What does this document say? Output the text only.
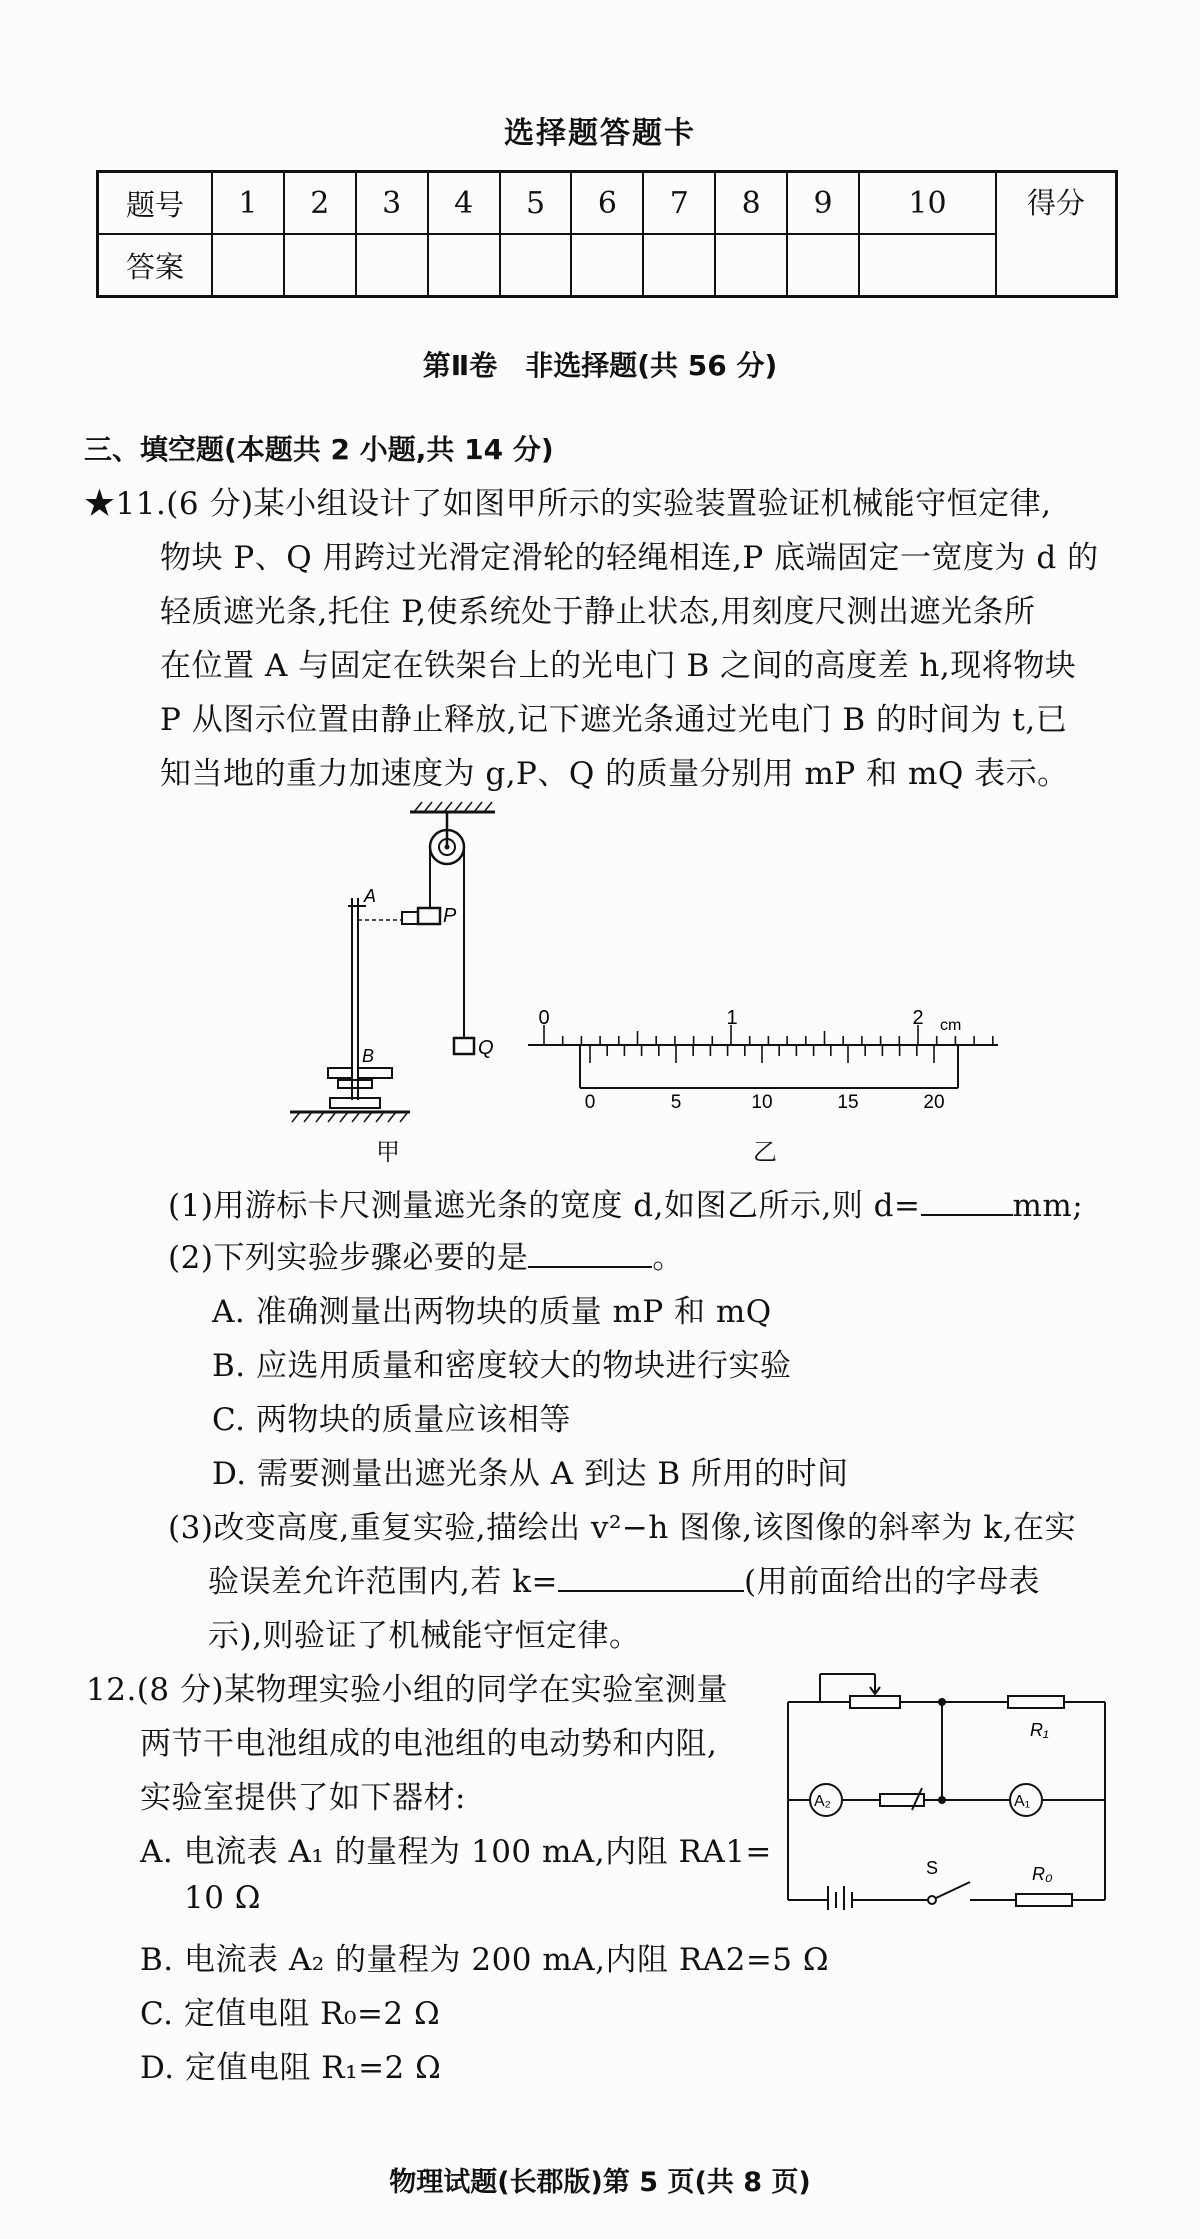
选择题答题卡
题号	1	2	3	4	5	6	7	8	9	10	得分
答案											
第Ⅱ卷　非选择题(共 56 分)
三、填空题(本题共 2 小题,共 14 分)
★11.(6 分)某小组设计了如图甲所示的实验装置验证机械能守恒定律,
物块 P、Q 用跨过光滑定滑轮的轻绳相连,P 底端固定一宽度为 d 的
轻质遮光条,托住 P,使系统处于静止状态,用刻度尺测出遮光条所
在位置 A 与固定在铁架台上的光电门 B 之间的高度差 h,现将物块
P 从图示位置由静止释放,记下遮光条通过光电门 B 的时间为 t,已
知当地的重力加速度为 g,P、Q 的质量分别用 mP 和 mQ 表示。
P
Q
A
B
甲
0	1	2 cm
0	5	10	15	20
乙
(1)用游标卡尺测量遮光条的宽度 d,如图乙所示,则 d=	mm;
(2)下列实验步骤必要的是	。
A. 准确测量出两物块的质量 mP 和 mQ
B. 应选用质量和密度较大的物块进行实验
C. 两物块的质量应该相等
D. 需要测量出遮光条从 A 到达 B 所用的时间
(3)改变高度,重复实验,描绘出 v²−h 图像,该图像的斜率为 k,在实
验误差允许范围内,若 k=	(用前面给出的字母表
示),则验证了机械能守恒定律。
12.(8 分)某物理实验小组的同学在实验室测量
两节干电池组成的电池组的电动势和内阻,
实验室提供了如下器材:
A. 电流表 A₁ 的量程为 100 mA,内阻 RA1=
10 Ω
B. 电流表 A₂ 的量程为 200 mA,内阻 RA2=5 Ω
C. 定值电阻 R₀=2 Ω
D. 定值电阻 R₁=2 Ω
R₁
A₂	A₁
S	R₀
物理试题(长郡版)第 5 页(共 8 页)
